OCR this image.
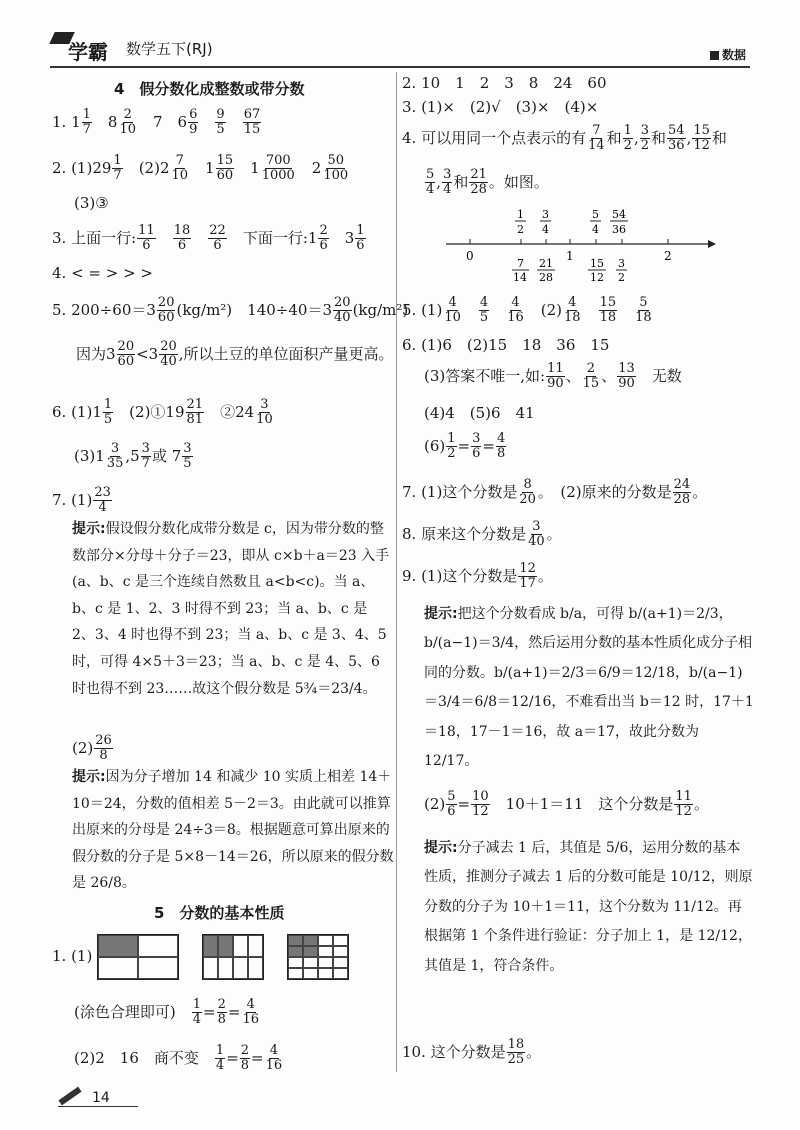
学霸 数学五下(RJ)	数据
4　假分数化成整数或带分数
1. $1 \frac{1}{7}$ 　$8 \frac{2}{10}$ 　7　$6 \frac{6}{9}$
　 $\frac{9}{5}$
　 $\frac{67}{15}$
2. $(1)29 \frac{1}{7}$ 　$(2)2 \frac{7}{10}$ 　$1 \frac{15}{60}$ 　$1 \frac{700}{1000}$ 　$2 \frac{50}{100}$
(3)③
3. 上面一行: $\frac{11}{6}$
　 $\frac{18}{6}$
　 $\frac{22}{6}$
　 下面一行:1 $\frac{2}{6}$ 　$3 \frac{1}{6}$
4. < = > > >
5. $200\div 60=3 \frac{20}{60} (kg/m^2)$　 $140\div 40=3 \frac{20}{40} (kg/m^2)$
因为$3 \frac{20}{60} <3 \frac{20}{40}$ ,所以土豆的单位面积产量更高。
6. $(1)1 \frac{1}{5}$
　 (2)①19 $\frac{21}{81}$
　 ②24 $\frac{3}{10}$
$(3)1 \frac{3}{35} ,5 \frac{3}{7}$ 或 $7 \frac{3}{5}$
7. $(1) \frac{23}{4}$
提示:假设假分数化成带分数是 c，因为带分数的整数部分×分母＋分子＝23，即从 c×b＋a＝23 入手(a、b、c 是三个连续自然数且 a<b<c)。当 a、b、c 是 1、2、3 时得不到 23；当 a、b、c 是 2、3、4 时也得不到 23；当 a、b、c 是 3、4、5 时，可得 4×5＋3＝23；当 a、b、c 是 4、5、6 时也得不到 23……故这个假分数是 5¾＝23/4。
$(2) \frac{26}{8}$
提示:因为分子增加 14 和减少 10 实质上相差 14＋10＝24，分数的值相差 5－2＝3。由此就可以推算出原来的分母是 24÷3＝8。根据题意可算出原来的假分数的分子是 5×8－14＝26，所以原来的假分数是 26/8。
5　分数的基本性质
1. (1)

(涂色合理即可)　 $\frac{1}{4} = \frac{2}{8} = \frac{4}{16}$
(2)2　16　商不变　 $\frac{1}{4} = \frac{2}{8} = \frac{4}{16}$
2. 10　1　2　3　8　24　60
3. (1)×　(2)√　(3)×　(4)×
4. 可以用同一个点表示的有 $\frac{7}{14}$ 和 $\frac{1}{2}$ , $\frac{3}{2}$ 和 $\frac{54}{36}$ , $\frac{15}{12}$ 和
$\frac{5}{4}$ , $\frac{3}{4}$ 和 $\frac{21}{28}$ 。如图。
0	1	2
1
2
3
4
5
4
54
36
7
14
21
28
15
12
3
2
5. $(1) \frac{4}{10}$
　 $\frac{4}{5}$
　 $\frac{4}{16}$
　 $(2) \frac{4}{18}$
　 $\frac{15}{18}$
　 $\frac{5}{18}$
6. (1)6　(2)15　18　36　15
(3)答案不唯一,如: $\frac{11}{90}$ 、 $\frac{2}{15}$ 、 $\frac{13}{90}$
　 无数
(4)4　(5)6　41
$(6) \frac{1}{2} = \frac{3}{6} = \frac{4}{8}$
7. (1)这个分数是 $\frac{8}{20}$ 。　(2)原来的分数是 $\frac{24}{28}$ 。
8. 原来这个分数是 $\frac{3}{40}$ 。
9. (1)这个分数是 $\frac{12}{17}$ 。
提示:把这个分数看成 b/a，可得 b/(a+1)＝2/3，b/(a−1)＝3/4，然后运用分数的基本性质化成分子相同的分数。b/(a+1)＝2/3＝6/9＝12/18，b/(a−1)＝3/4＝6/8＝12/16，不难看出当 b＝12 时，17＋1＝18，17－1＝16，故 a＝17，故此分数为 12/17。
$(2) \frac{5}{6} = \frac{10}{12}$
　 10＋1＝11　这个分数是 $\frac{11}{12}$ 。
提示:分子减去 1 后，其值是 5/6，运用分数的基本性质，推测分子减去 1 后的分数可能是 10/12，则原分数的分子为 10＋1＝11，这个分数为 11/12。再根据第 1 个条件进行验证：分子加上 1，是 12/12，其值是 1，符合条件。
10. 这个分数是 $\frac{18}{25}$ 。
14
